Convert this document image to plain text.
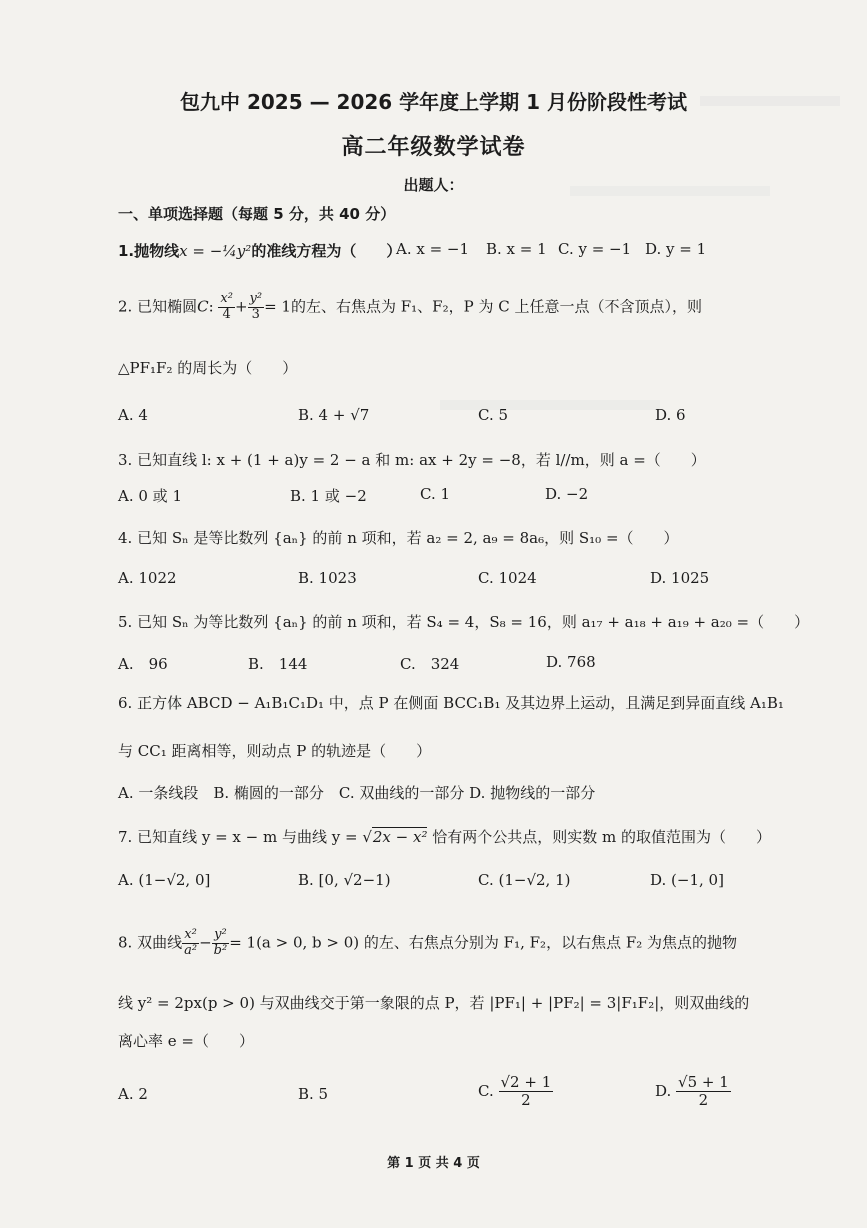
包九中 2025 — 2026 学年度上学期 1 月份阶段性考试
高二年级数学试卷
出题人：
一、单项选择题（每题 5 分，共 40 分）
1.抛物线x = −¼y²的准线方程为（　　）
A. x = −1 B. x = 1 C. y = −1 D. y = 1
2. 已知椭圆C: $\frac{\text{x²}}{4} + \frac{\text{y²}}{3} = 1$的左、右焦点为 F₁、F₂，P 为 C 上任意一点（不含顶点），则
△PF₁F₂ 的周长为（　　）
A. 4	B. 4 + √7	C. 5	D. 6
3. 已知直线 l: x + (1 + a)y = 2 − a 和 m: ax + 2y = −8，若 l//m，则 a =（　　）
A. 0 或 1	B. 1 或 −2	C. 1	D. −2
4. 已知 Sₙ 是等比数列 {aₙ} 的前 n 项和，若 a₂ = 2, a₉ = 8a₆，则 S₁₀ =（　　）
A. 1022	B. 1023	C. 1024	D. 1025
5. 已知 Sₙ 为等比数列 {aₙ} 的前 n 项和，若 S₄ = 4，S₈ = 16，则 a₁₇ + a₁₈ + a₁₉ + a₂₀ =（　　）
A.　96	B.　144	C.　324	D. 768
6. 正方体 ABCD − A₁B₁C₁D₁ 中，点 P 在侧面 BCC₁B₁ 及其边界上运动，且满足到异面直线 A₁B₁
与 CC₁ 距离相等，则动点 P 的轨迹是（　　）
A. 一条线段　B. 椭圆的一部分　C. 双曲线的一部分 D. 抛物线的一部分
7. 已知直线 y = x − m 与曲线 y = √2x − x² 恰有两个公共点，则实数 m 的取值范围为（　　）
A. (1−√2, 0]	B. [0, √2−1)	C. (1−√2, 1)	D. (−1, 0]
8. 双曲线 $\frac{\text{x²}}{\text{a²}} - \frac{\text{y²}}{\text{b²}} = 1(a > 0$, b > 0) 的左、右焦点分别为 F₁, F₂，以右焦点 F₂ 为焦点的抛物
线 y² = 2px(p > 0) 与双曲线交于第一象限的点 P，若 |PF₁| + |PF₂| = 3|F₁F₂|，则双曲线的
离心率 e =（　　）
A. 2	B. 5	C. $\frac{√2 + 1}{2}$	D. $\frac{√5 + 1}{2}$
第 1 页 共 4 页
